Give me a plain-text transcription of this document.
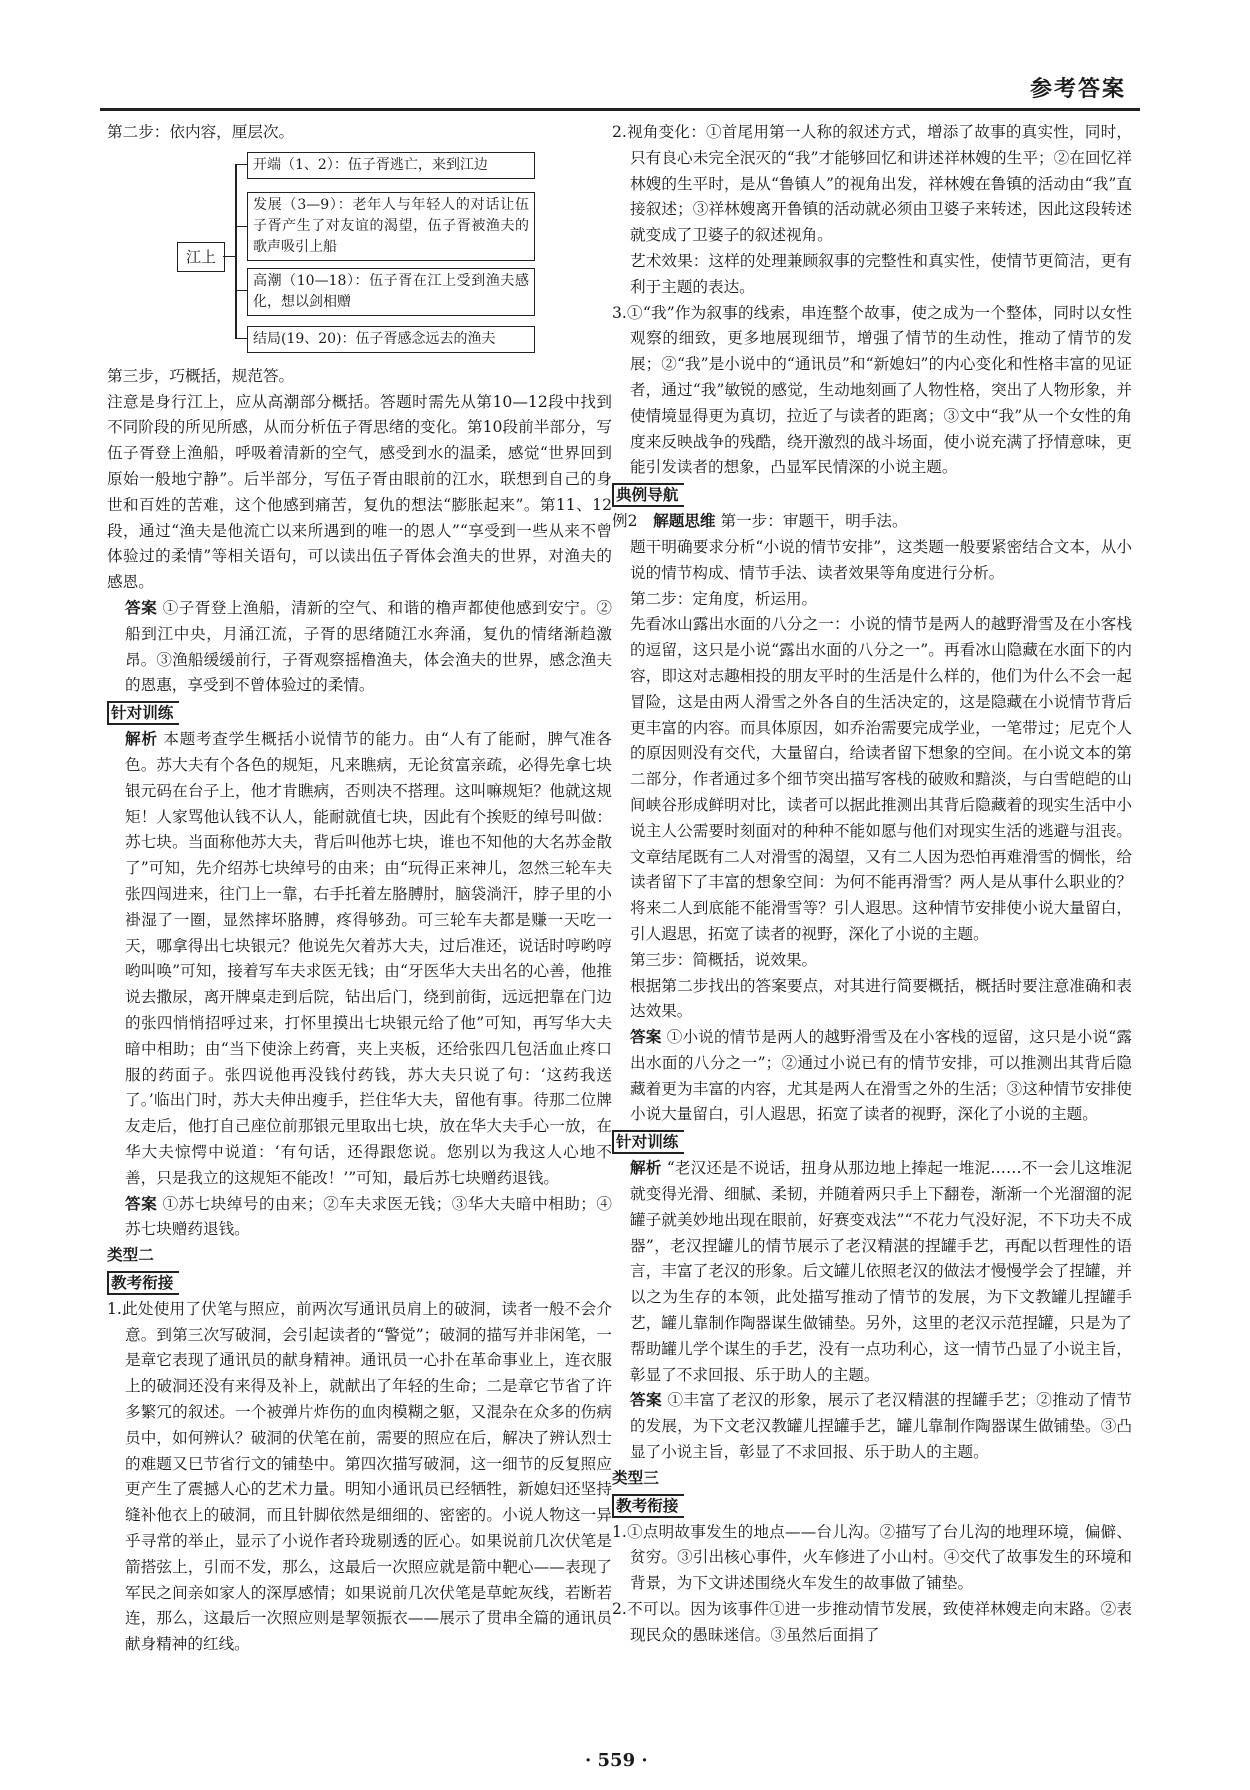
参考答案

第二步：依内容，厘层次。

江上
开端（1、2）：伍子胥逃亡，来到江边
发展（3—9）：老年人与年轻人的对话让伍子胥产生了对友谊的渴望，伍子胥被渔夫的歌声吸引上船
高潮（10—18）：伍子胥在江上受到渔夫感化，想以剑相赠
结局(19、20)：伍子胥感念远去的渔夫

第三步，巧概括，规范答。

注意是身行江上，应从高潮部分概括。答题时需先从第10—12段中找到不同阶段的所见所感，从而分析伍子胥思绪的变化。第10段前半部分，写伍子胥登上渔船，呼吸着清新的空气，感受到水的温柔，感觉“世界回到原始一般地宁静”。后半部分，写伍子胥由眼前的江水，联想到自己的身世和百姓的苦难，这个他感到痛苦，复仇的想法“膨胀起来”。第11、12段，通过“渔夫是他流亡以来所遇到的唯一的恩人”“享受到一些从来不曾体验过的柔情”等相关语句，可以读出伍子胥体会渔夫的世界，对渔夫的感恩。

答案 ①子胥登上渔船，清新的空气、和谐的橹声都使他感到安宁。②船到江中央，月涌江流，子胥的思绪随江水奔涌，复仇的情绪渐趋激昂。③渔船缓缓前行，子胥观察摇橹渔夫，体会渔夫的世界，感念渔夫的恩惠，享受到不曾体验过的柔情。

针对训练

解析 本题考查学生概括小说情节的能力。由“人有了能耐，脾气准各色。苏大夫有个各色的规矩，凡来瞧病，无论贫富亲疏，必得先拿七块银元码在台子上，他才肯瞧病，否则决不搭理。这叫嘛规矩？他就这规矩！人家骂他认钱不认人，能耐就值七块，因此有个挨贬的绰号叫做：苏七块。当面称他苏大夫，背后叫他苏七块，谁也不知他的大名苏金散了”可知，先介绍苏七块绰号的由来；由“玩得正来神儿，忽然三轮车夫张四闯进来，往门上一靠，右手托着左胳膊肘，脑袋淌汗，脖子里的小褂湿了一圈，显然摔坏胳膊，疼得够劲。可三轮车夫都是赚一天吃一天，哪拿得出七块银元？他说先欠着苏大夫，过后准还，说话时哼哟哼哟叫唤”可知，接着写车夫求医无钱；由“牙医华大夫出名的心善，他推说去撒尿，离开牌桌走到后院，钻出后门，绕到前街，远远把靠在门边的张四悄悄招呼过来，打怀里摸出七块银元给了他”可知，再写华大夫暗中相助；由“当下使涂上药膏，夹上夹板，还给张四几包活血止疼口服的药面子。张四说他再没钱付药钱，苏大夫只说了句：‘这药我送了。’临出门时，苏大夫伸出瘦手，拦住华大夫，留他有事。待那二位牌友走后，他打自己座位前那银元里取出七块，放在华大夫手心一放，在华大夫惊愕中说道：‘有句话，还得跟您说。您别以为我这人心地不善，只是我立的这规矩不能改！’”可知，最后苏七块赠药退钱。

答案 ①苏七块绰号的由来；②车夫求医无钱；③华大夫暗中相助；④苏七块赠药退钱。

类型二

教考衔接

1.此处使用了伏笔与照应，前两次写通讯员肩上的破洞，读者一般不会介意。到第三次写破洞，会引起读者的“警觉”；破洞的描写并非闲笔，一是章它表现了通讯员的献身精神。通讯员一心扑在革命事业上，连衣服上的破洞还没有来得及补上，就献出了年轻的生命；二是章它节省了许多繁冗的叙述。一个被弹片炸伤的血肉模糊之躯，又混杂在众多的伤病员中，如何辨认？破洞的伏笔在前，需要的照应在后，解决了辨认烈士的难题又巳节省行文的铺垫中。第四次描写破洞，这一细节的反复照应更产生了震撼人心的艺术力量。明知小通讯员已经牺牲，新媳妇还坚持缝补他衣上的破洞，而且针脚依然是细细的、密密的。小说人物这一异乎寻常的举止，显示了小说作者玲珑剔透的匠心。如果说前几次伏笔是箭搭弦上，引而不发，那么，这最后一次照应就是箭中靶心——表现了军民之间亲如家人的深厚感情；如果说前几次伏笔是草蛇灰线，若断若连，那么，这最后一次照应则是挈领振衣——展示了贯串全篇的通讯员献身精神的红线。

2.视角变化：①首尾用第一人称的叙述方式，增添了故事的真实性，同时，只有良心未完全泯灭的“我”才能够回忆和讲述祥林嫂的生平；②在回忆祥林嫂的生平时，是从“鲁镇人”的视角出发，祥林嫂在鲁镇的活动由“我”直接叙述；③祥林嫂离开鲁镇的活动就必须由卫婆子来转述，因此这段转述就变成了卫婆子的叙述视角。

艺术效果：这样的处理兼顾叙事的完整性和真实性，使情节更简洁，更有利于主题的表达。

3.①“我”作为叙事的线索，串连整个故事，使之成为一个整体，同时以女性观察的细致，更多地展现细节，增强了情节的生动性，推动了情节的发展；②“我”是小说中的“通讯员”和“新媳妇”的内心变化和性格丰富的见证者，通过“我”敏锐的感觉，生动地刻画了人物性格，突出了人物形象，并使情境显得更为真切，拉近了与读者的距离；③文中“我”从一个女性的角度来反映战争的残酷，绕开激烈的战斗场面，使小说充满了抒情意味，更能引发读者的想象，凸显军民情深的小说主题。

典例导航

例2　 解题思维 第一步：审题干，明手法。

题干明确要求分析“小说的情节安排”，这类题一般要紧密结合文本，从小说的情节构成、情节手法、读者效果等角度进行分析。

第二步：定角度，析运用。

先看冰山露出水面的八分之一：小说的情节是两人的越野滑雪及在小客栈的逗留，这只是小说“露出水面的八分之一”。再看冰山隐藏在水面下的内容，即这对志趣相投的朋友平时的生活是什么样的，他们为什么不会一起冒险，这是由两人滑雪之外各自的生活决定的，这是隐藏在小说情节背后更丰富的内容。而具体原因，如乔治需要完成学业，一笔带过；尼克个人的原因则没有交代，大量留白，给读者留下想象的空间。在小说文本的第二部分，作者通过多个细节突出描写客栈的破败和黯淡，与白雪皑皑的山间峡谷形成鲜明对比，读者可以据此推测出其背后隐藏着的现实生活中小说主人公需要时刻面对的种种不能如愿与他们对现实生活的逃避与沮丧。文章结尾既有二人对滑雪的渴望，又有二人因为恐怕再难滑雪的惆怅，给读者留下了丰富的想象空间：为何不能再滑雪？两人是从事什么职业的？将来二人到底能不能滑雪等？引人遐思。这种情节安排使小说大量留白，引人遐思，拓宽了读者的视野，深化了小说的主题。

第三步：简概括，说效果。

根据第二步找出的答案要点，对其进行简要概括，概括时要注意准确和表达效果。

答案 ①小说的情节是两人的越野滑雪及在小客栈的逗留，这只是小说“露出水面的八分之一”；②通过小说已有的情节安排，可以推测出其背后隐藏着更为丰富的内容，尤其是两人在滑雪之外的生活；③这种情节安排使小说大量留白，引人遐思，拓宽了读者的视野，深化了小说的主题。

针对训练

解析 “老汉还是不说话，扭身从那边地上捧起一堆泥……不一会儿这堆泥就变得光滑、细腻、柔韧，并随着两只手上下翻卷，渐渐一个光溜溜的泥罐子就美妙地出现在眼前，好赛变戏法”“不花力气没好泥，不下功夫不成器”，老汉捏罐儿的情节展示了老汉精湛的捏罐手艺，再配以哲理性的语言，丰富了老汉的形象。后文罐儿依照老汉的做法才慢慢学会了捏罐，并以之为生存的本领，此处描写推动了情节的发展，为下文教罐儿捏罐手艺，罐儿靠制作陶器谋生做铺垫。另外，这里的老汉示范捏罐，只是为了帮助罐儿学个谋生的手艺，没有一点功利心，这一情节凸显了小说主旨，彰显了不求回报、乐于助人的主题。

答案 ①丰富了老汉的形象，展示了老汉精湛的捏罐手艺；②推动了情节的发展，为下文老汉教罐儿捏罐手艺，罐儿靠制作陶器谋生做铺垫。③凸显了小说主旨，彰显了不求回报、乐于助人的主题。

类型三

教考衔接

1.①点明故事发生的地点——台儿沟。②描写了台儿沟的地理环境，偏僻、贫穷。③引出核心事件，火车修进了小山村。④交代了故事发生的环境和背景，为下文讲述围绕火车发生的故事做了铺垫。

2.不可以。因为该事件①进一步推动情节发展，致使祥林嫂走向末路。②表现民众的愚昧迷信。③虽然后面捐了

· 559 ·
